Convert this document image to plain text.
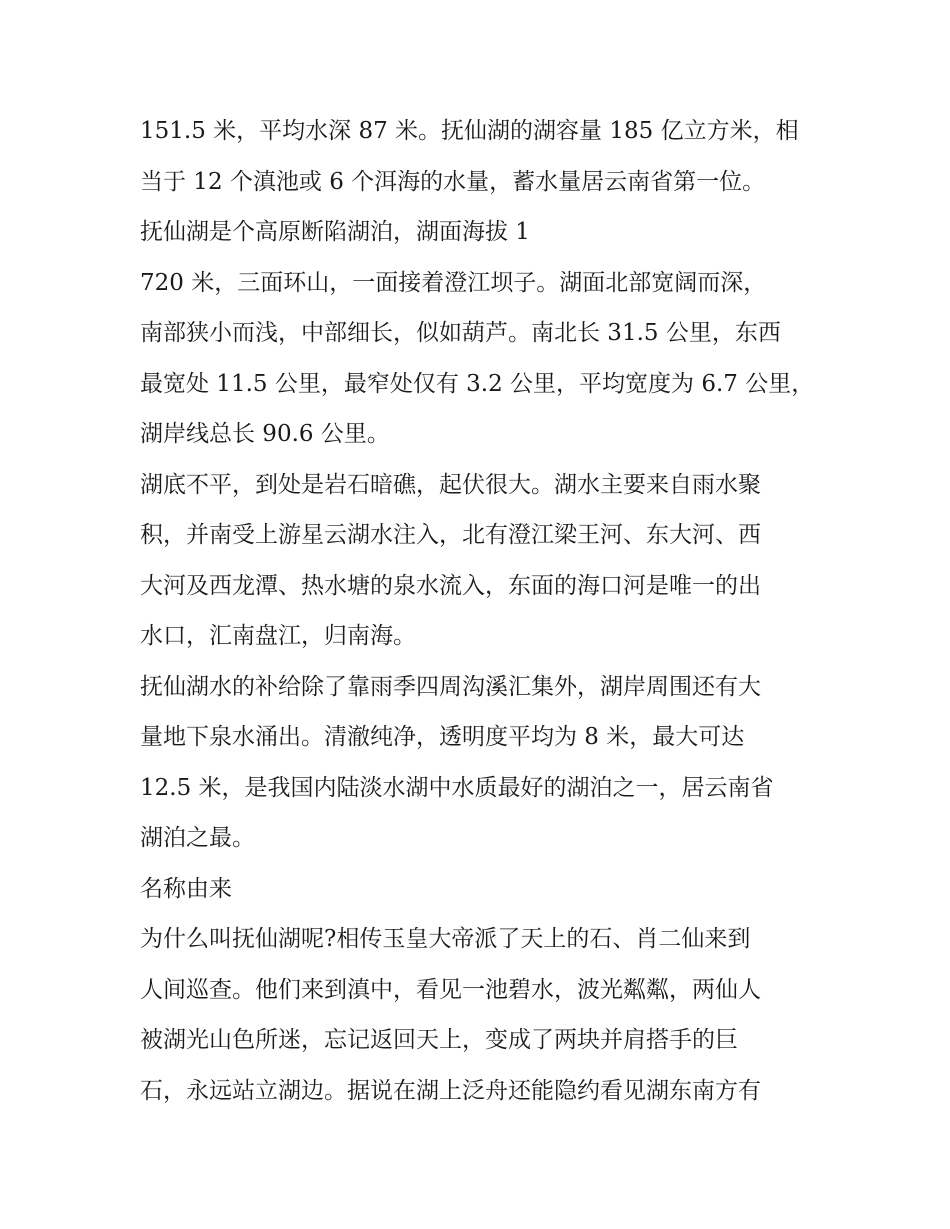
151.5 米，平均水深 87 米。抚仙湖的湖容量 185 亿立方米，相
当于 12 个滇池或 6 个洱海的水量，蓄水量居云南省第一位。
抚仙湖是个高原断陷湖泊，湖面海拔 1
720 米，三面环山，一面接着澄江坝子。湖面北部宽阔而深，
南部狭小而浅，中部细长，似如葫芦。南北长 31.5 公里，东西
最宽处 11.5 公里，最窄处仅有 3.2 公里，平均宽度为 6.7 公里，
湖岸线总长 90.6 公里。
湖底不平，到处是岩石暗礁，起伏很大。湖水主要来自雨水聚
积，并南受上游星云湖水注入，北有澄江梁王河、东大河、西
大河及西龙潭、热水塘的泉水流入，东面的海口河是唯一的出
水口，汇南盘江，归南海。
抚仙湖水的补给除了靠雨季四周沟溪汇集外，湖岸周围还有大
量地下泉水涌出。清澈纯净，透明度平均为 8 米，最大可达
12.5 米，是我国内陆淡水湖中水质最好的湖泊之一，居云南省
湖泊之最。
名称由来
为什么叫抚仙湖呢?相传玉皇大帝派了天上的石、肖二仙来到
人间巡查。他们来到滇中，看见一池碧水，波光粼粼，两仙人
被湖光山色所迷，忘记返回天上，变成了两块并肩搭手的巨
石，永远站立湖边。据说在湖上泛舟还能隐约看见湖东南方有
